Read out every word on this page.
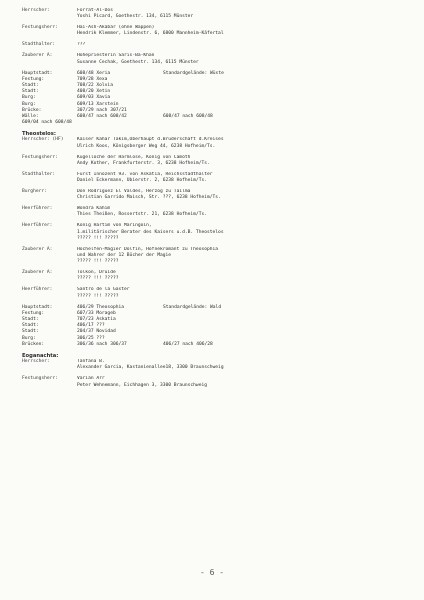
Herrscher:	Forrat-Al-Dos
Yoshi Picard, Goethestr. 134, 6115 Münster
Festungsherr:	Hai-Ash-Akabar (ohne Wappen)
Hendrik Klemmer, Lindenstr. 6, 6800 Mannheim-Käfertal
Stadthalter:	???
Zauberer A:	Hohepriesterin Saris-Ba-Khan
Susanne Cechak, Goethestr. 134, 6115 Münster
Hauptstadt:	608/48 Xeria	Standardgelände: Wüste
Festung:	709/28 Xexa
Stadt:	708/22 Xolvia
Stadt:	408/20 Xetin
Burg:	609/03 Xavia
Burg:	609/13 Xarstein
Brücke:	307/29 nach 307/21
Wälle:	608/47 nach 608/42	608/47 nach 608/48
609/04 nach 608/48
Theostelos:
Herrscher: (HF)	Kaiser Kahar Takim,Oberhaupt d.Bruderschaft d.Kreises
Ulrich Koos, Königsberger Weg 44, 6238 Hofheim/Ts.
Festungsherr:	Kugelloche der Harmlose, König von Camoth
Andy Kother, Frankfurterstr. 3, 6238 Hofheim/Ts.
Stadthalter:	Fürst Innozent 93. von Askatia, Reichsstadthalter
Daniel Eckermann, Ubierstr. 2, 6238 Hofheim/Ts.
Burgherr:	Don Rodriguez El Valdes, Herzog zu Tailma
Christian Garrido Maisch, Str. ???, 6238 Hofheim/Ts.
Heerführer:	Wondra Kahim
Thies Theißen, Rossertstr. 21, 6238 Hofheim/Ts.
Heerführer:	König Hartim von Maringoin,
1.militärischer Berater des Kaisers u.d.B. Theostelos
????? !!! ?????
Zauberer A:	Hochelfen-Magier Dolfin, Hofnekromant zu Theosophia
und Wahrer der 12 Bücher der Magie
????? !!! ?????
Zauberer A:	Tolkon, Druide
????? !!! ?????
Heerführer:	Santro de la Gaster
????? !!! ?????
Hauptstadt:	406/29 Theosophia	Standardgelände: Wald
Festung:	607/33 Morageb
Stadt:	707/23 Askatia
Stadt:	406/17 ???
Stadt:	204/37 Novidad
Burg:	306/25 ???
Brücken:	306/36 nach 306/37	406/27 nach 406/28
Eoganachta:
Herrscher:	Tanfana B.
Alexander Garcia, Kastanienallee18, 3300 Braunschweig
Festungsherr:	Varian Arr
Peter Wehnemann, Eichhagen 3, 3300 Braunschweig
- 6 -
